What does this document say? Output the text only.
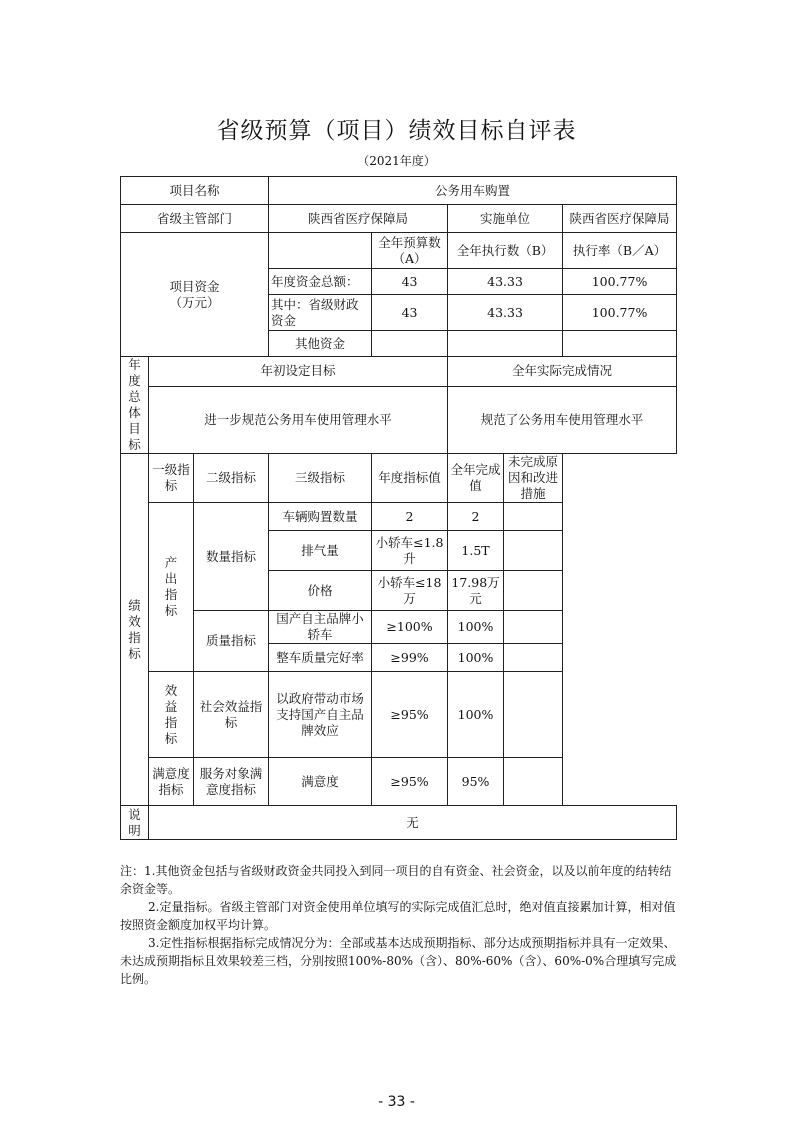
省级预算（项目）绩效目标自评表
（2021年度）
项目名称			公务用车购置				
省级主管部门			陕西省医疗保障局		实施单位		陕西省医疗保障局

项目资金
（万元）				全年预算数（A）	全年执行数（B）		执行率（B／A）
			年度资金总额：	43	43.33		100.77%
			其中：省级财政资金	43	43.33		100.77%
			其他资金				
年度总体目标	年初设定目标				全年实际完成情况		
	进一步规范公务用车使用管理水平				规范了公务用车使用管理水平		
绩效指标	一级指标	二级指标	三级指标	年度指标值	全年完成值	未完成原因和改进措施	
	产出指标	数量指标	车辆购置数量	2	2		
			排气量	小轿车≤1.8升	1.5T		
			价格	小轿车≤18万	17.98万元		
		质量指标	国产自主品牌小轿车	≥100%	100%		
			整车质量完好率	≥99%	100%		
	效益指标	社会效益指标	以政府带动市场支持国产自主品牌效应	≥95%	100%		
	满意度指标	服务对象满意度指标	满意度	≥95%	95%		
说明	无						

注：1.其他资金包括与省级财政资金共同投入到同一项目的自有资金、社会资金，以及以前年度的结转结余资金等。

2.定量指标。省级主管部门对资金使用单位填写的实际完成值汇总时，绝对值直接累加计算，相对值按照资金额度加权平均计算。

3.定性指标根据指标完成情况分为：全部或基本达成预期指标、部分达成预期指标并具有一定效果、未达成预期指标且效果较差三档，分别按照100%-80%（含）、80%-60%（含）、60%-0%合理填写完成比例。

- 33 -
